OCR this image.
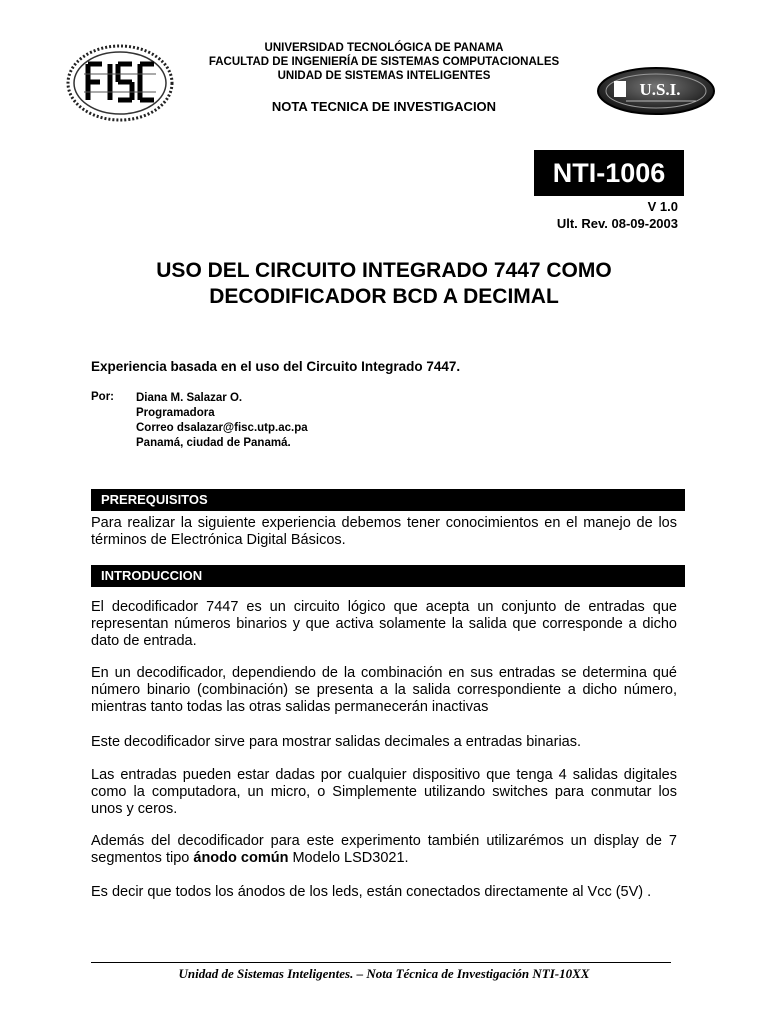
UNIVERSIDAD TECNOLÓGICA DE PANAMA
FACULTAD DE INGENIERÍA DE SISTEMAS COMPUTACIONALES
UNIDAD DE SISTEMAS INTELIGENTES
NOTA TECNICA DE INVESTIGACION
U.S.I.
NTI-1006
V 1.0
Ult. Rev. 08-09-2003
USO DEL CIRCUITO INTEGRADO 7447 COMO
DECODIFICADOR BCD A DECIMAL
Experiencia basada en el uso del Circuito Integrado 7447.
Por: Diana M. Salazar O.
Programadora
Correo dsalazar@fisc.utp.ac.pa
Panamá, ciudad de Panamá.
PREREQUISITOS
Para realizar la siguiente experiencia debemos tener conocimientos en el manejo de los términos de Electrónica Digital Básicos.
INTRODUCCION
El decodificador 7447 es un circuito lógico que acepta un conjunto de entradas que representan números binarios y que activa solamente la salida que corresponde a dicho dato de entrada.
En un decodificador, dependiendo de la combinación en sus entradas se determina qué número binario (combinación) se presenta a la salida correspondiente a dicho número, mientras tanto todas las otras salidas permanecerán inactivas
Este decodificador sirve para mostrar salidas decimales a entradas binarias.
Las entradas pueden estar dadas por cualquier dispositivo que tenga 4 salidas digitales como la computadora, un micro, o Simplemente utilizando switches para conmutar los unos y ceros.
Además del decodificador para este experimento también utilizarémos un display de 7 segmentos tipo ánodo común Modelo LSD3021.
Es decir que todos los ánodos de los leds, están conectados directamente al Vcc (5V) .
Unidad de Sistemas Inteligentes. – Nota Técnica de Investigación NTI-10XX
